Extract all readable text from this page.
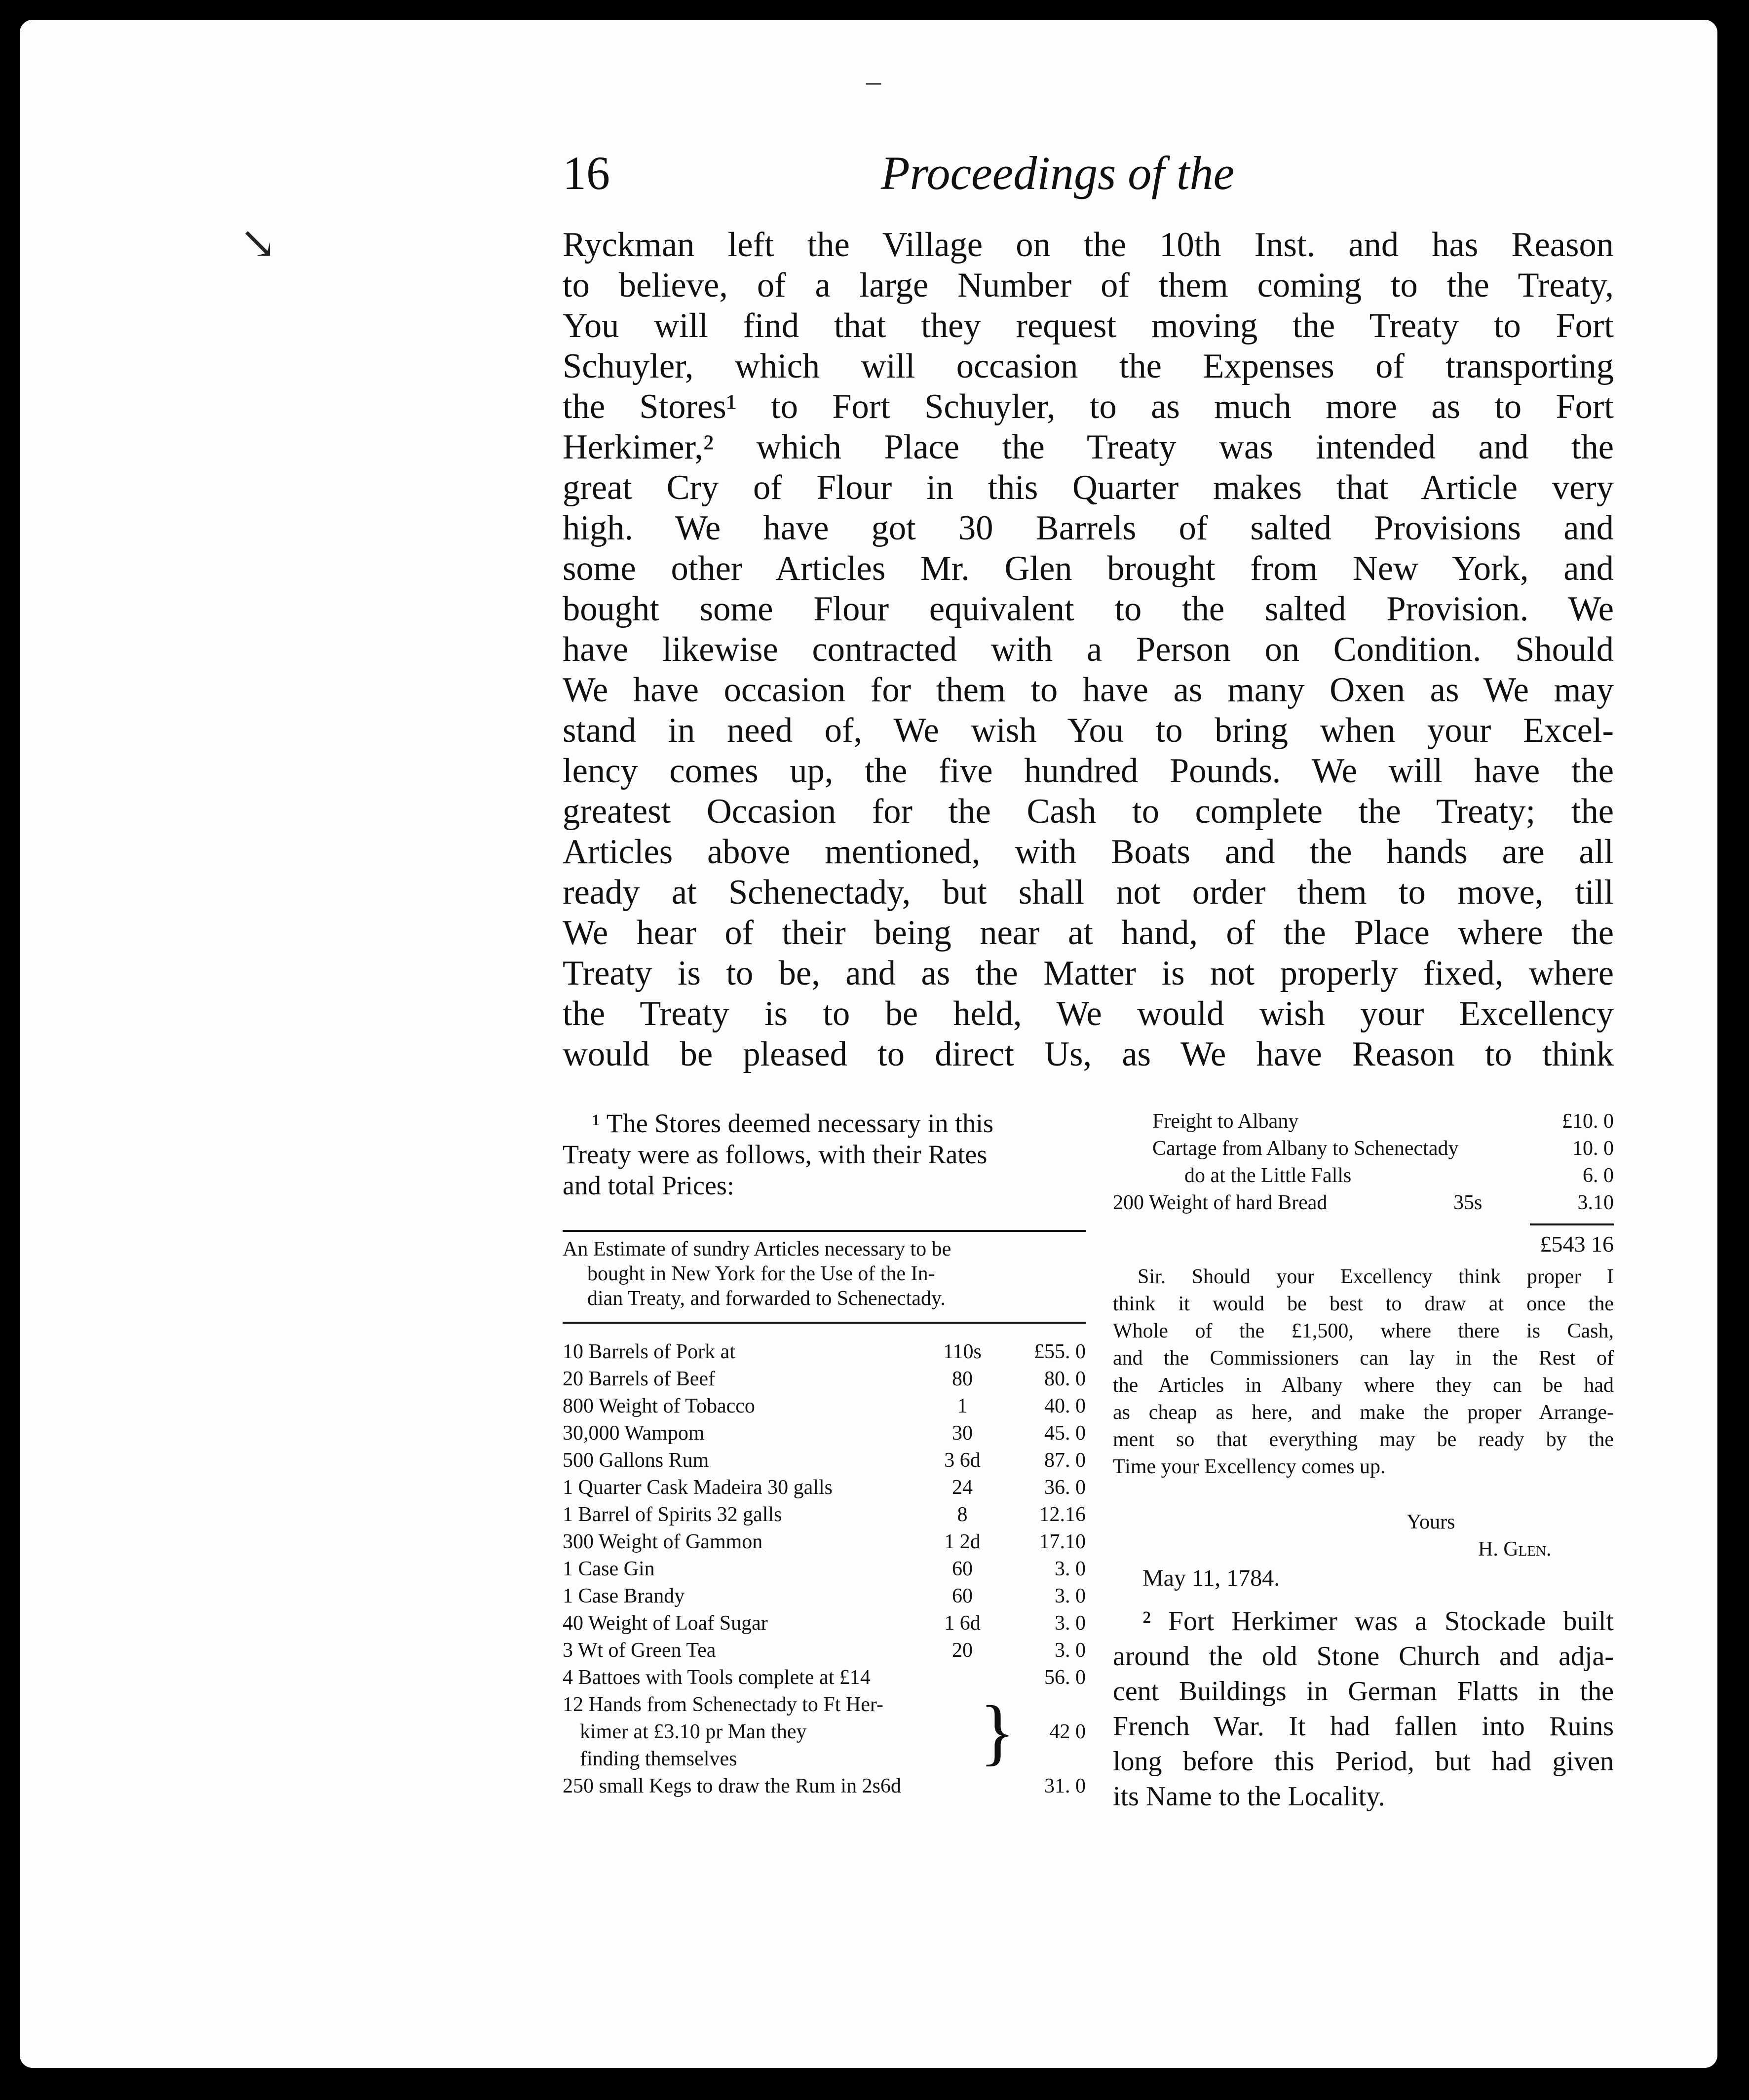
–
↘
16	Proceedings of the

Ryckman left the Village on the 10th Inst. and has Reason
to believe, of a large Number of them coming to the Treaty,
You will find that they request moving the Treaty to Fort
Schuyler, which will occasion the Expenses of transporting
the Stores¹ to Fort Schuyler, to as much more as to Fort
Herkimer,² which Place the Treaty was intended and the
great Cry of Flour in this Quarter makes that Article very
high. We have got 30 Barrels of salted Provisions and
some other Articles Mr. Glen brought from New York, and
bought some Flour equivalent to the salted Provision. We
have likewise contracted with a Person on Condition. Should
We have occasion for them to have as many Oxen as We may
stand in need of, We wish You to bring when your Excel-
lency comes up, the five hundred Pounds. We will have the
greatest Occasion for the Cash to complete the Treaty; the
Articles above mentioned, with Boats and the hands are all
ready at Schenectady, but shall not order them to move, till
We hear of their being near at hand, of the Place where the
Treaty is to be, and as the Matter is not properly fixed, where
the Treaty is to be held, We would wish your Excellency
would be pleased to direct Us, as We have Reason to think

¹ The Stores deemed necessary in this
Treaty were as follows, with their Rates
and total Prices:

An Estimate of sundry Articles necessary to be
bought in New York for the Use of the In-
dian Treaty, and forwarded to Schenectady.

10 Barrels of Pork at	110s	£55. 0
20 Barrels of Beef	80	80. 0
800 Weight of Tobacco	1	40. 0
30,000 Wampom	30	45. 0
500 Gallons Rum	3 6d	87. 0
1 Quarter Cask Madeira 30 galls	24	36. 0
1 Barrel of Spirits 32 galls	8	12.16
300 Weight of Gammon	1 2d	17.10
1 Case Gin	60	3. 0
1 Case Brandy	60	3. 0
40 Weight of Loaf Sugar	1 6d	3. 0
3 Wt of Green Tea	20	3. 0
4 Battoes with Tools complete at £14	56. 0
12 Hands from Schenectady to Ft Her-
kimer at £3.10 pr Man they
finding themselves	}	42 0
250 small Kegs to draw the Rum in 2s6d	31. 0
Freight to Albany	£10. 0
Cartage from Albany to Schenectady	10. 0
do at the Little Falls	6. 0
200 Weight of hard Bread	35s	3.10
£543 16

Sir. Should your Excellency think proper I
think it would be best to draw at once the
Whole of the £1,500, where there is Cash,
and the Commissioners can lay in the Rest of
the Articles in Albany where they can be had
as cheap as here, and make the proper Arrange-
ment so that everything may be ready by the
Time your Excellency comes up.

Yours
H. Glen.
May 11, 1784.

² Fort Herkimer was a Stockade built
around the old Stone Church and adja-
cent Buildings in German Flatts in the
French War. It had fallen into Ruins
long before this Period, but had given
its Name to the Locality.
